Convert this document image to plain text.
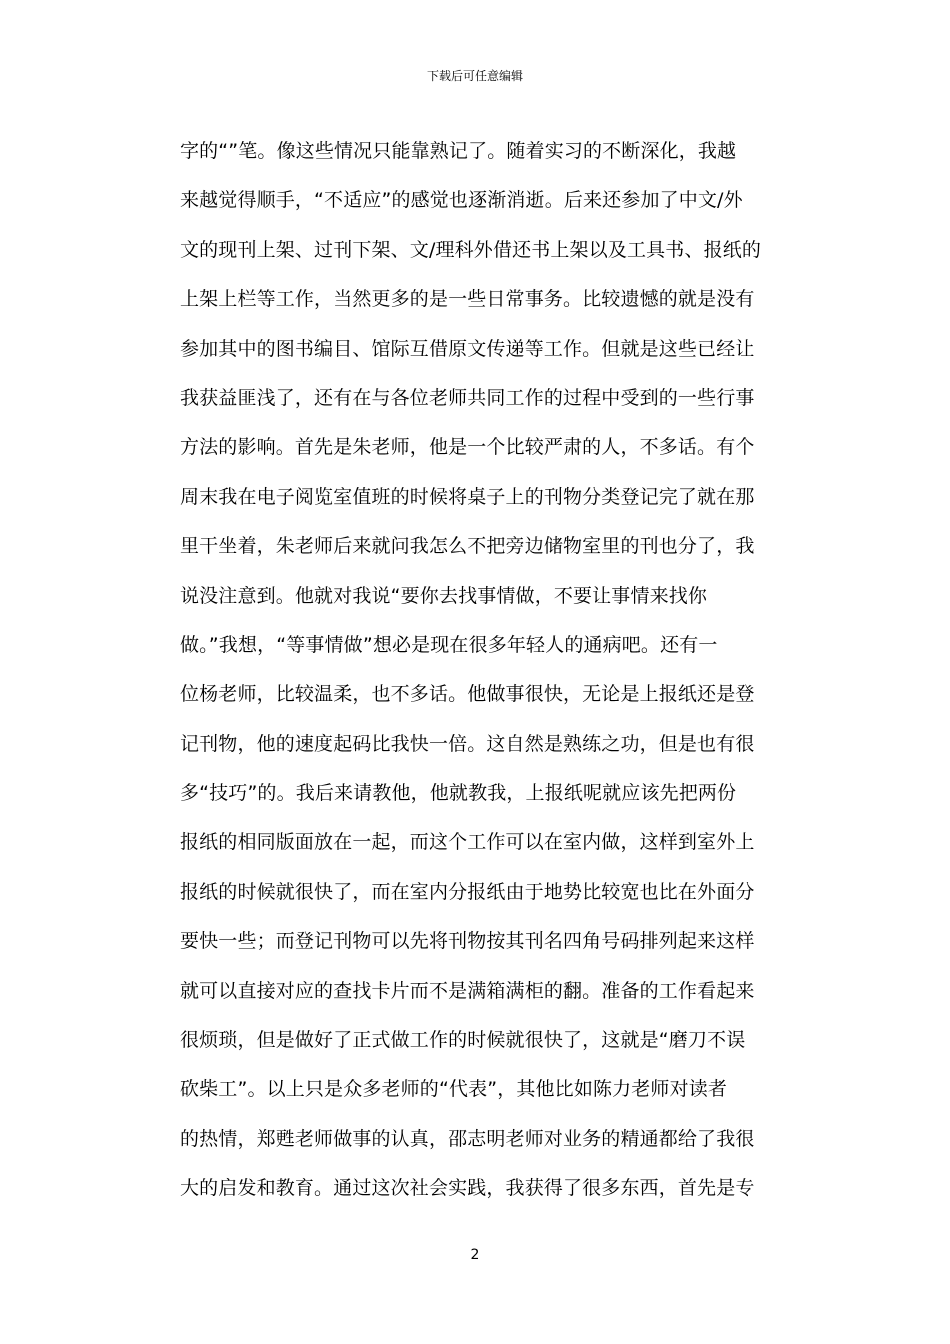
下载后可任意编辑
字的“”笔。像这些情况只能靠熟记了。随着实习的不断深化，我越
来越觉得顺手，“不适应”的感觉也逐渐消逝。后来还参加了中文/外
文的现刊上架、过刊下架、文/理科外借还书上架以及工具书、报纸的
上架上栏等工作，当然更多的是一些日常事务。比较遗憾的就是没有
参加其中的图书编目、馆际互借原文传递等工作。但就是这些已经让
我获益匪浅了，还有在与各位老师共同工作的过程中受到的一些行事
方法的影响。首先是朱老师，他是一个比较严肃的人，不多话。有个
周末我在电子阅览室值班的时候将桌子上的刊物分类登记完了就在那
里干坐着，朱老师后来就问我怎么不把旁边储物室里的刊也分了，我
说没注意到。他就对我说“要你去找事情做，不要让事情来找你
做。”我想，“等事情做”想必是现在很多年轻人的通病吧。还有一
位杨老师，比较温柔，也不多话。他做事很快，无论是上报纸还是登
记刊物，他的速度起码比我快一倍。这自然是熟练之功，但是也有很
多“技巧”的。我后来请教他，他就教我，上报纸呢就应该先把两份
报纸的相同版面放在一起，而这个工作可以在室内做，这样到室外上
报纸的时候就很快了，而在室内分报纸由于地势比较宽也比在外面分
要快一些；而登记刊物可以先将刊物按其刊名四角号码排列起来这样
就可以直接对应的查找卡片而不是满箱满柜的翻。准备的工作看起来
很烦琐，但是做好了正式做工作的时候就很快了，这就是“磨刀不误
砍柴工”。以上只是众多老师的“代表”，其他比如陈力老师对读者
的热情，郑甦老师做事的认真，邵志明老师对业务的精通都给了我很
大的启发和教育。通过这次社会实践，我获得了很多东西，首先是专
2
